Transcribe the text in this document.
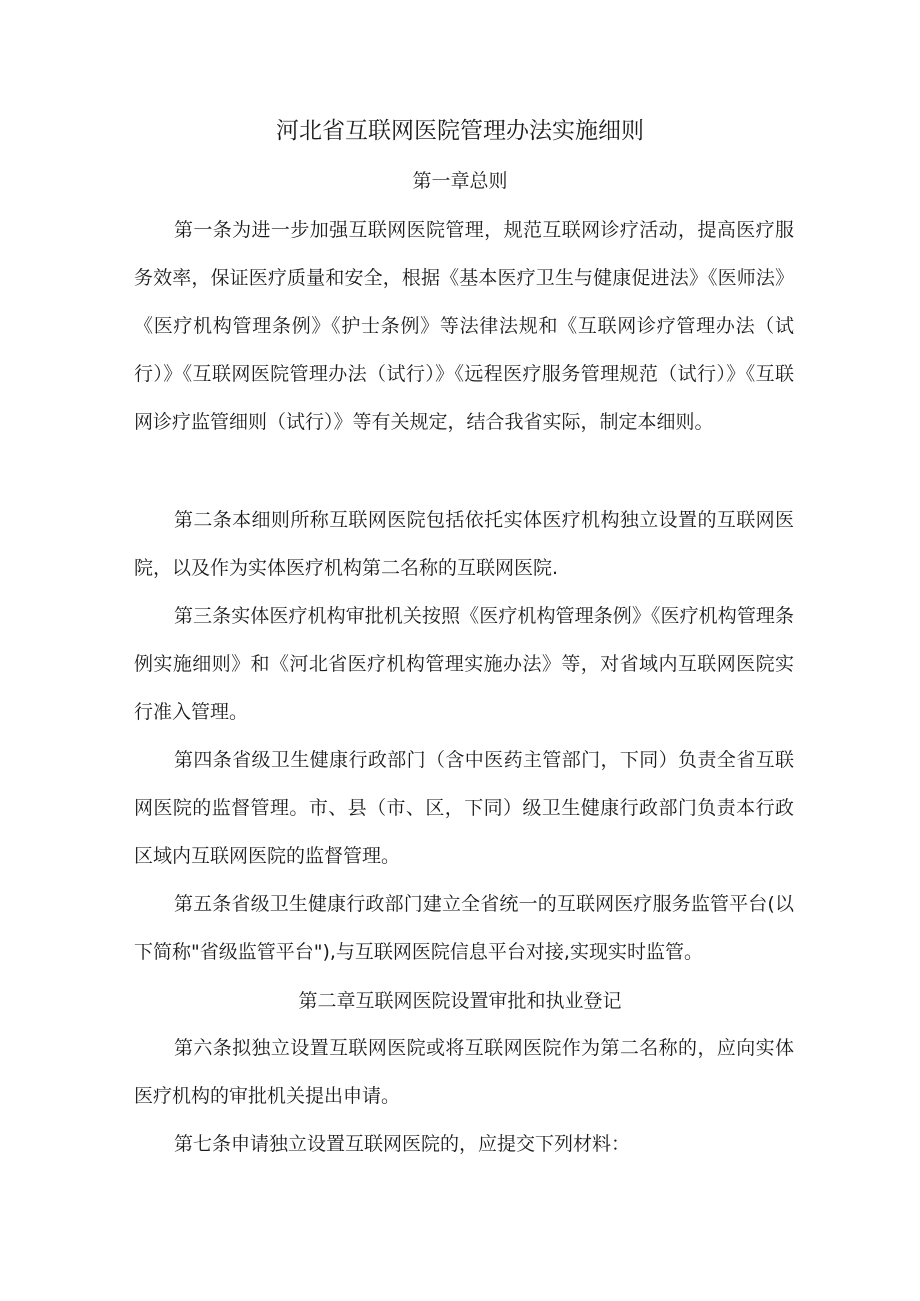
河北省互联网医院管理办法实施细则
第一章总则

第一条为进一步加强互联网医院管理，规范互联网诊疗活动，提高医疗服务效率，保证医疗质量和安全，根据《基本医疗卫生与健康促进法》《医师法》《医疗机构管理条例》《护士条例》等法律法规和《互联网诊疗管理办法（试行）》《互联网医院管理办法（试行）》《远程医疗服务管理规范（试行）》《互联网诊疗监管细则（试行）》等有关规定，结合我省实际，制定本细则。

第二条本细则所称互联网医院包括依托实体医疗机构独立设置的互联网医院，以及作为实体医疗机构第二名称的互联网医院.

第三条实体医疗机构审批机关按照《医疗机构管理条例》《医疗机构管理条例实施细则》和《河北省医疗机构管理实施办法》等，对省域内互联网医院实行准入管理。

第四条省级卫生健康行政部门（含中医药主管部门，下同）负责全省互联网医院的监督管理。市、县（市、区，下同）级卫生健康行政部门负责本行政区域内互联网医院的监督管理。

第五条省级卫生健康行政部门建立全省统一的互联网医疗服务监管平台(以下简称"省级监管平台"),与互联网医院信息平台对接,实现实时监管。

第二章互联网医院设置审批和执业登记

第六条拟独立设置互联网医院或将互联网医院作为第二名称的，应向实体医疗机构的审批机关提出申请。

第七条申请独立设置互联网医院的，应提交下列材料：
